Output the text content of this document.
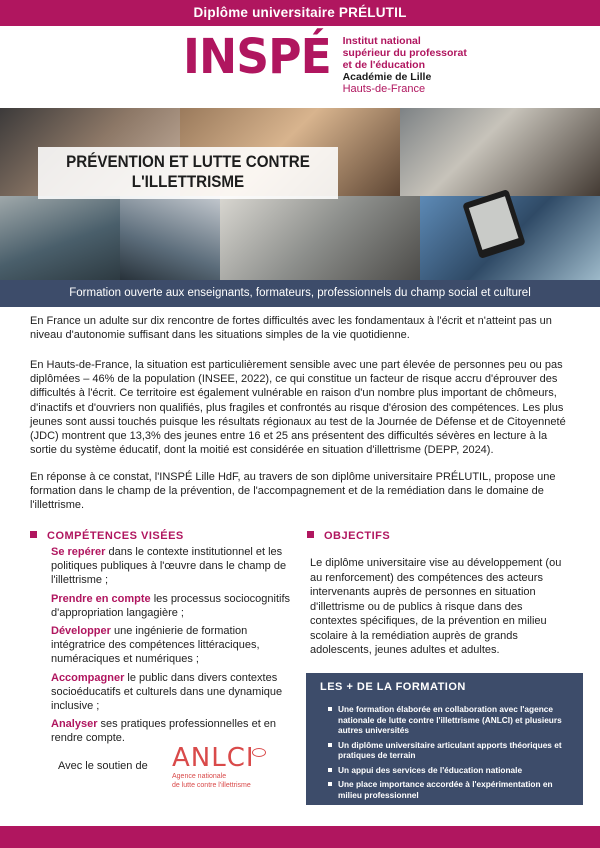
Diplôme universitaire PRÉLUTIL
INSPÉ Institut national
supérieur du professorat
et de l'éducation
Académie de Lille
Hauts-de-France
PRÉVENTION ET LUTTE CONTRE
L'ILLETTRISME
Formation ouverte aux enseignants, formateurs, professionnels du champ social et culturel

En France un adulte sur dix rencontre de fortes difficultés avec les fondamentaux à l'écrit et n'atteint pas un niveau d'autonomie suffisant dans les situations simples de la vie quotidienne.

En Hauts-de-France, la situation est particulièrement sensible avec une part élevée de personnes peu ou pas diplômées – 46% de la population (INSEE, 2022), ce qui constitue un facteur de risque accru d'éprouver des difficultés à l'écrit. Ce territoire est également vulnérable en raison d'un nombre plus important de chômeurs, d'inactifs et d'ouvriers non qualifiés, plus fragiles et confrontés au risque d'érosion des compétences. Les plus jeunes sont aussi touchés puisque les résultats régionaux au test de la Journée de Défense et de Citoyenneté (JDC) montrent que 13,3% des jeunes entre 16 et 25 ans présentent des difficultés sévères en lecture à la sortie du système éducatif, dont la moitié est considérée en situation d'illettrisme (DEPP, 2024).

En réponse à ce constat, l'INSPÉ Lille HdF, au travers de son diplôme universitaire PRÉLUTIL, propose une formation dans le champ de la prévention, de l'accompagnement et de la remédiation dans le domaine de l'illettrisme.

COMPÉTENCES VISÉES	OBJECTIFS
Se repérer dans le contexte institutionnel et les politiques publiques à l'œuvre dans le champ de l'illettrisme ;
Prendre en compte les processus sociocognitifs d'appropriation langagière ;
Développer une ingénierie de formation intégratrice des compétences littéraciques, numéraciques et numériques ;
Accompagner le public dans divers contextes socioéducatifs et culturels dans une dynamique inclusive ;
Analyser ses pratiques professionnelles et en rendre compte.

Le diplôme universitaire vise au développement (ou au renforcement) des compétences des acteurs intervenants auprès de personnes en situation d'illettrisme ou de publics à risque dans des contextes spécifiques, de la prévention en milieu scolaire à la remédiation auprès de grands adolescents, jeunes adultes et adultes.

LES + DE LA FORMATION
Une formation élaborée en collaboration avec l'agence nationale de lutte contre l'illettrisme (ANLCI) et plusieurs autres universités
Un diplôme universitaire articulant apports théoriques et pratiques de terrain
Un appui des services de l'éducation nationale
Une place importance accordée à l'expérimentation en milieu professionnel
Avec le soutien de ANLCI
Agence nationale
de lutte contre l'illettrisme
